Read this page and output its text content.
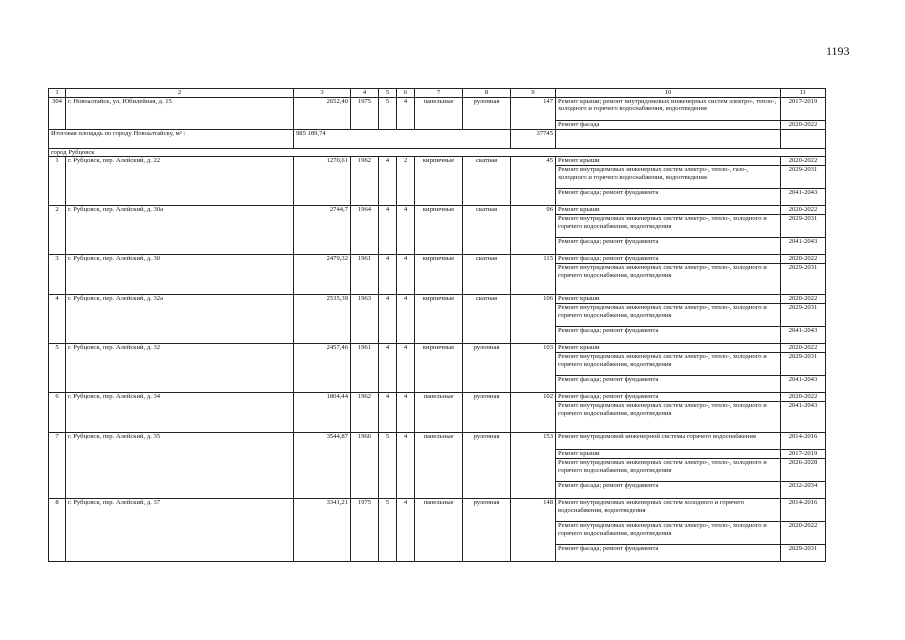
1193
1	2	3	4	5	6	7	8	9	10	11
304	г. Новоалтайск, ул. Юбилейная, д. 15	2652,40	1975	5	4	панельные	рулонная	147	Ремонт крыши; ремонт внутридомовых инженерных систем электро-, тепло-, холодного и горячего водоснабжения, водоотведения	2017-2019
									Ремонт фасада	2020-2022
Итоговая площадь по городу Новоалтайску, м² :		985 189,74						37745		
город Рубцовск										
1	г. Рубцовск, пер. Алейский, д. 22	1270,61	1962	4	2	кирпичные	скатная	45	Ремонт крыши	2020-2022
									Ремонт внутридомовых инженерных систем электро-, тепло-, газо-, холодного и горячего водоснабжения, водоотведения	2029-2031
									Ремонт фасада; ремонт фундамента	2041-2043
2	г. Рубцовск, пер. Алейский, д. 30а	2744,7	1964	4	4	кирпичные	скатная	96	Ремонт крыши	2020-2022
									Ремонт внутридомовых инженерных систем электро-, тепло-, холодного и горячего водоснабжения, водоотведения	2029-2031
									Ремонт фасада; ремонт фундамента	2041-2043
3	г. Рубцовск, пер. Алейский, д. 30	2479,32	1961	4	4	кирпичные	скатная	115	Ремонт фасада; ремонт фундамента	2020-2022
									Ремонт внутридомовых инженерных систем электро-, тепло-, холодного и горячего водоснабжения, водоотведения	2029-2031
4	г. Рубцовск, пер. Алейский, д. 32а	2535,39	1963	4	4	кирпичные	скатная	106	Ремонт крыши	2020-2022
									Ремонт внутридомовых инженерных систем электро-, тепло-, холодного и горячего водоснабжения, водоотведения	2029-2031
									Ремонт фасада; ремонт фундамента	2041-2043
5	г. Рубцовск, пер. Алейский, д. 32	2457,46	1961	4	4	кирпичные	рулонная	103	Ремонт крыши	2020-2022
									Ремонт внутридомовых инженерных систем электро-, тепло-, холодного и горячего водоснабжения, водоотведения	2029-2031
									Ремонт фасада; ремонт фундамента	2041-2043
6	г. Рубцовск, пер. Алейский, д. 34	1804,44	1962	4	4	панельные	рулонная	102	Ремонт фасада; ремонт фундамента	2020-2022
									Ремонт внутридомовых инженерных систем электро-, тепло-, холодного и горячего водоснабжения, водоотведения	2041-2043
7	г. Рубцовск, пер. Алейский, д. 35	3544,87	1966	5	4	панельные	рулонная	153	Ремонт внутридомовой инженерной системы горячего водоснабжения	2014-2016
									Ремонт крыши	2017-2019
									Ремонт внутридомовых инженерных систем электро-, тепло-, холодного и горячего водоснабжения, водоотведения	2026-2028
									Ремонт фасада; ремонт фундамента	2032-2034
8	г. Рубцовск, пер. Алейский, д. 37	3341,21	1975	5	4	панельные	рулонная	148	Ремонт внутридомовых инженерных систем холодного и горячего водоснабжения, водоотведения	2014-2016
									Ремонт внутридомовых инженерных систем электро-, тепло-, холодного и горячего водоснабжения, водоотведения	2020-2022
									Ремонт фасада; ремонт фундамента	2029-2031
